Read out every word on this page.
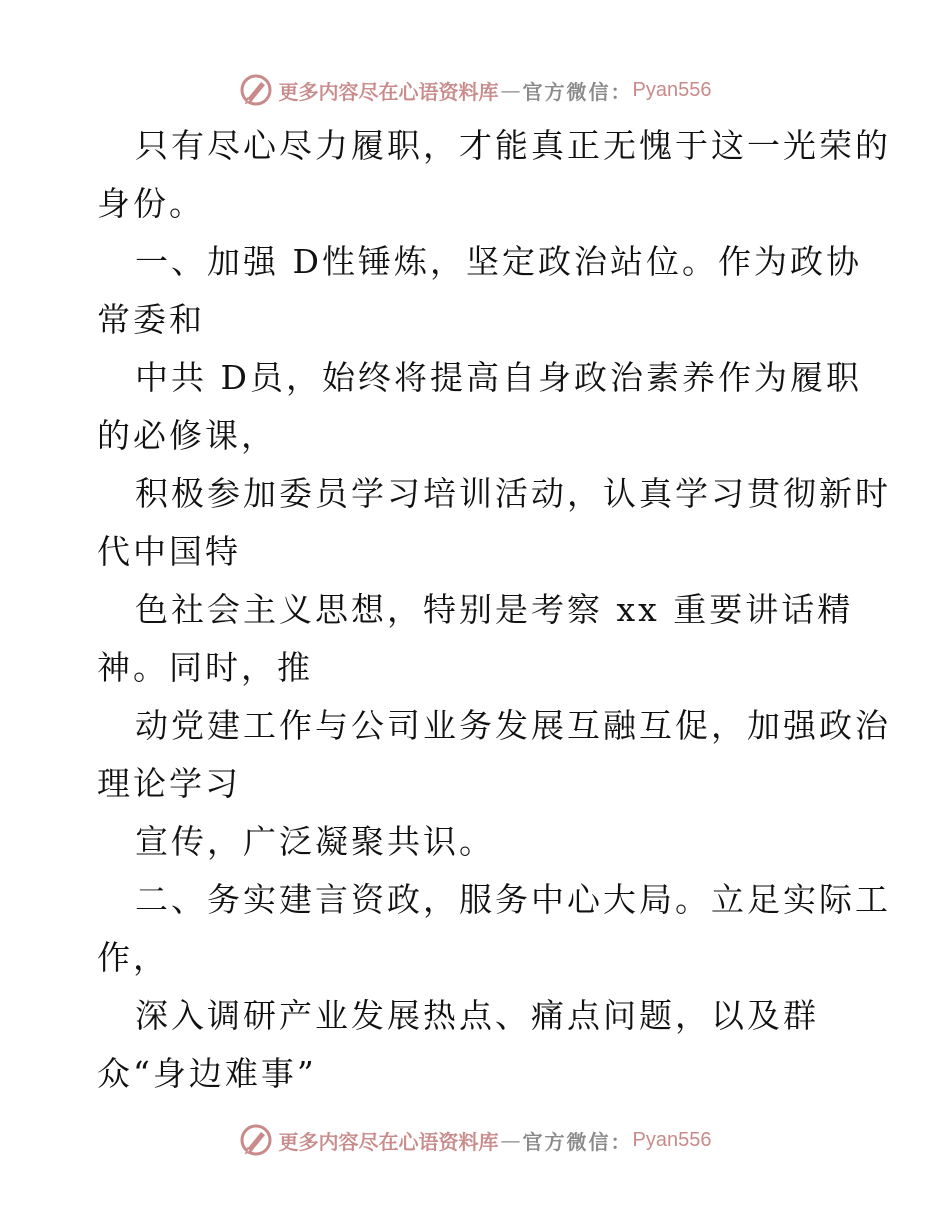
更多内容尽在心语资料库 — 官方微信： Pyan556
只有尽心尽力履职，才能真正无愧于这一光荣的
身份。
一、加强 D性锤炼，坚定政治站位。作为政协
常委和
中共 D员，始终将提高自身政治素养作为履职
的必修课，
积极参加委员学习培训活动，认真学习贯彻新时
代中国特
色社会主义思想，特别是考察 xx 重要讲话精
神。同时，推
动党建工作与公司业务发展互融互促，加强政治
理论学习
宣传，广泛凝聚共识。
二、务实建言资政，服务中心大局。立足实际工
作，
深入调研产业发展热点、痛点问题，以及群
众“身边难事”
更多内容尽在心语资料库 — 官方微信： Pyan556
